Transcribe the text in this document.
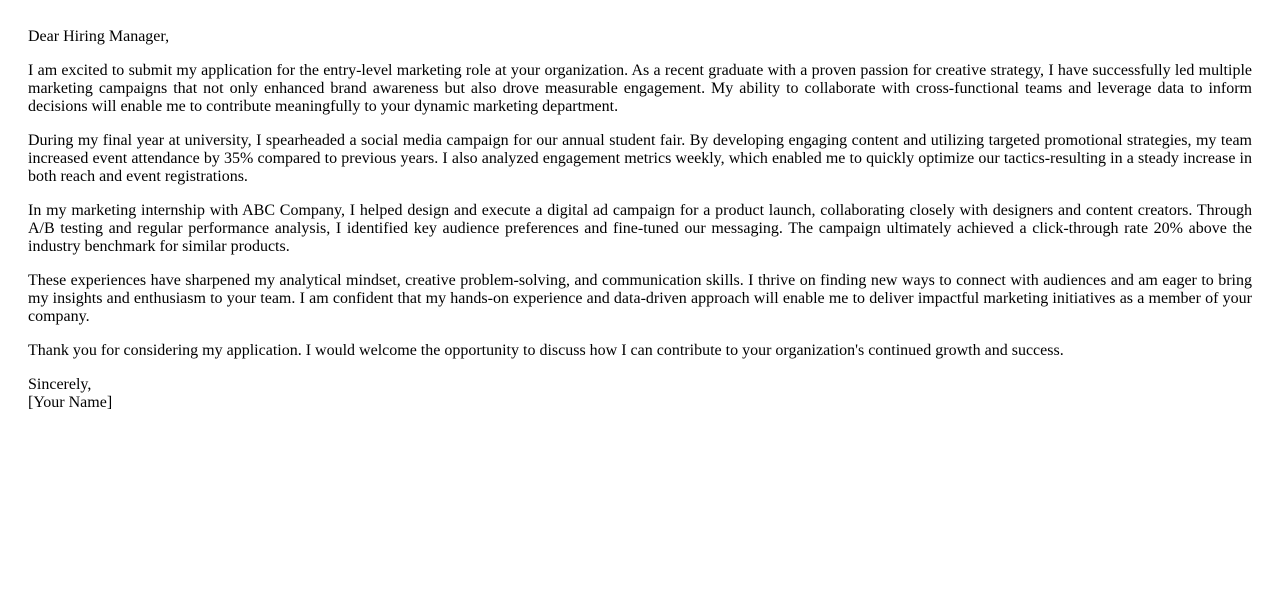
Dear Hiring Manager,

I am excited to submit my application for the entry-level marketing role at your organization. As a recent graduate with a proven passion for creative strategy, I have successfully led multiple marketing campaigns that not only enhanced brand awareness but also drove measurable engagement. My ability to collaborate with cross-functional teams and leverage data to inform decisions will enable me to contribute meaningfully to your dynamic marketing department.

During my final year at university, I spearheaded a social media campaign for our annual student fair. By developing engaging content and utilizing targeted promotional strategies, my team increased event attendance by 35% compared to previous years. I also analyzed engagement metrics weekly, which enabled me to quickly optimize our tactics-resulting in a steady increase in both reach and event registrations.

In my marketing internship with ABC Company, I helped design and execute a digital ad campaign for a product launch, collaborating closely with designers and content creators. Through A/B testing and regular performance analysis, I identified key audience preferences and fine-tuned our messaging. The campaign ultimately achieved a click-through rate 20% above the industry benchmark for similar products.

These experiences have sharpened my analytical mindset, creative problem-solving, and communication skills. I thrive on finding new ways to connect with audiences and am eager to bring my insights and enthusiasm to your team. I am confident that my hands-on experience and data-driven approach will enable me to deliver impactful marketing initiatives as a member of your company.

Thank you for considering my application. I would welcome the opportunity to discuss how I can contribute to your organization's continued growth and success.

Sincerely,
[Your Name]
